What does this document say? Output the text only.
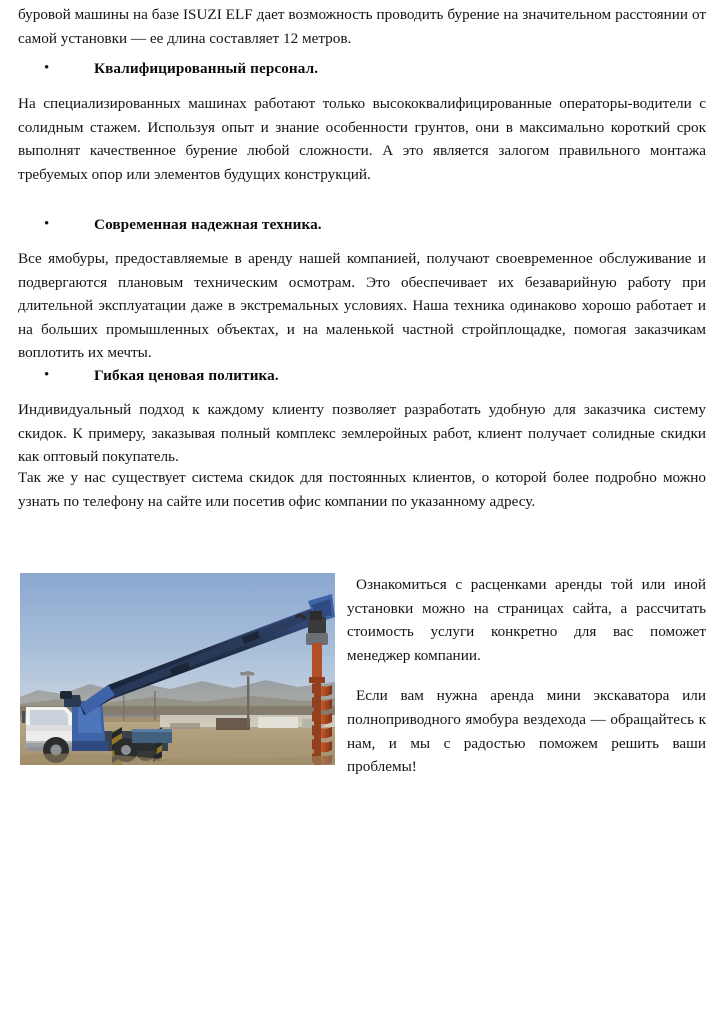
буровой машины на базе ISUZI ELF дает возможность проводить бурение на значительном расстоянии от самой установки — ее длина составляет 12 метров.
•	Квалифицированный персонал.
На специализированных машинах работают только высококвалифицированные операторы-водители с солидным стажем. Используя опыт и знание особенности грунтов, они в максимально короткий срок выполнят качественное бурение любой сложности. А это является залогом правильного монтажа требуемых опор или элементов будущих конструкций.
•	Современная надежная техника.
Все ямобуры, предоставляемые в аренду нашей компанией, получают своевременное обслуживание и подвергаются плановым техническим осмотрам. Это обеспечивает их безаварийную работу при длительной эксплуатации даже в экстремальных условиях. Наша техника одинаково хорошо работает и на больших промышленных объектах, и на маленькой частной стройплощадке, помогая заказчикам воплотить их мечты.
•	Гибкая ценовая политика.
Индивидуальный подход к каждому клиенту позволяет разработать удобную для заказчика систему скидок. К примеру, заказывая полный комплекс землеройных работ, клиент получает солидные скидки как оптовый покупатель.
Так же у нас существует система скидок для постоянных клиентов, о которой более подробно можно узнать по телефону на сайте или посетив офис компании по указанному адресу.

Ознакомиться с расценками аренды той или иной установки можно на страницах сайта, а рассчитать стоимость услуги конкретно для вас поможет менеджер компании.

Если вам нужна аренда мини экскаватора или полноприводного ямобура вездехода — обращайтесь к нам, и мы с радостью поможем решить ваши проблемы!
